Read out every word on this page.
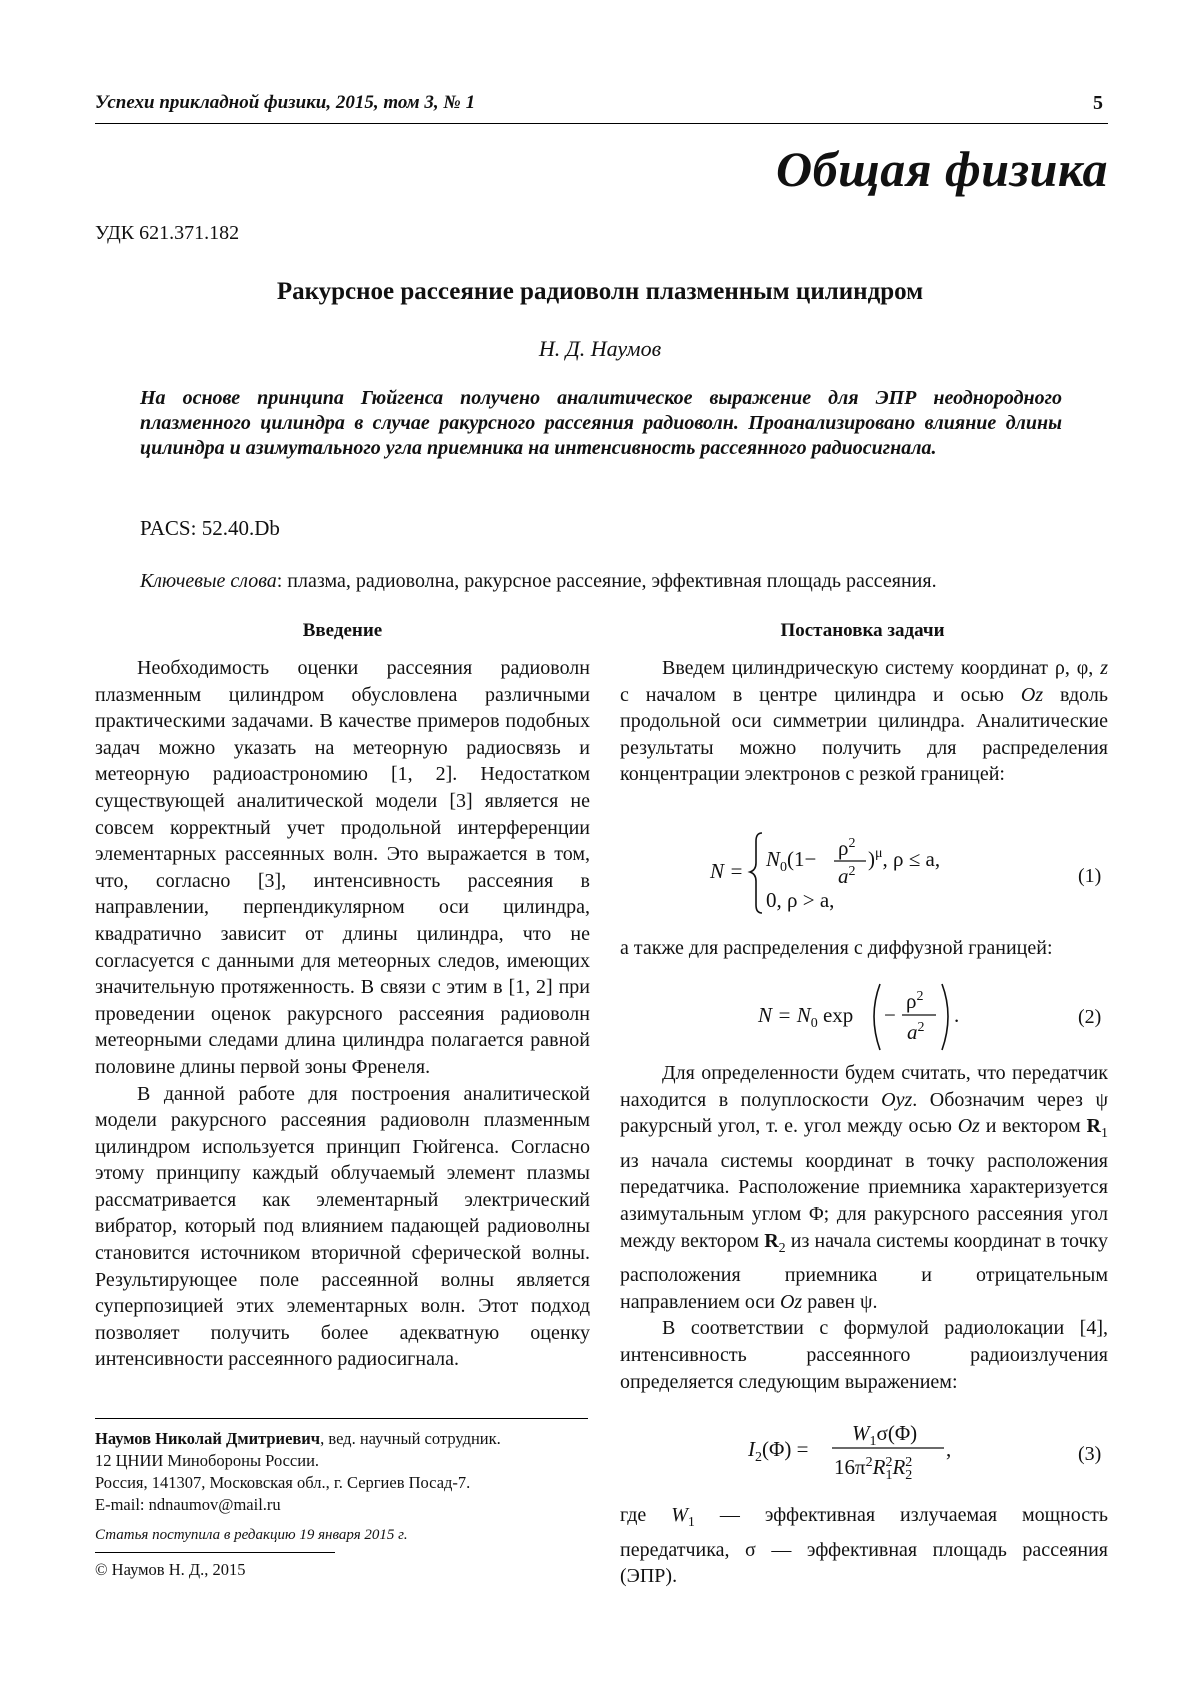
Успехи прикладной физики, 2015, том 3, № 1	5
Общая физика
УДК 621.371.182
Ракурсное рассеяние радиоволн плазменным цилиндром
Н. Д. Наумов
На основе принципа Гюйгенса получено аналитическое выражение для ЭПР неоднородного плазменного цилиндра в случае ракурсного рассеяния радиоволн. Проанализировано влияние длины цилиндра и азимутального угла приемника на интенсивность рассеянного радиосигнала.
PACS: 52.40.Db
Ключевые слова: плазма, радиоволна, ракурсное рассеяние, эффективная площадь рассеяния.
Введение	Постановка задачи

Необходимость оценки рассеяния радиоволн плазменным цилиндром обусловлена различными практическими задачами. В качестве примеров подобных задач можно указать на метеорную радиосвязь и метеорную радиоастрономию [1, 2]. Недостатком существующей аналитической модели [3] является не совсем корректный учет продольной интерференции элементарных рассеянных волн. Это выражается в том, что, согласно [3], интенсивность рассеяния в направлении, перпендикулярном оси цилиндра, квадратично зависит от длины цилиндра, что не согласуется с данными для метеорных следов, имеющих значительную протяженность. В связи с этим в [1, 2] при проведении оценок ракурсного рассеяния радиоволн метеорными следами длина цилиндра полагается равной половине длины первой зоны Френеля.

В данной работе для построения аналитической модели ракурсного рассеяния радиоволн плазменным цилиндром используется принцип Гюйгенса. Согласно этому принципу каждый облучаемый элемент плазмы рассматривается как элементарный электрический вибратор, который под влиянием падающей радиоволны становится источником вторичной сферической волны. Результирующее поле рассеянной волны является суперпозицией этих элементарных волн. Этот подход позволяет получить более адекватную оценку интенсивности рассеянного радиосигнала.

Введем цилиндрическую систему координат ρ, φ, z с началом в центре цилиндра и осью Oz вдоль продольной оси симметрии цилиндра. Аналитические результаты можно получить для распределения концентрации электронов с резкой границей:

$N = N_0(1- \rho^2$
$a^2$
)$^\mu$, ρ ≤ a,
0, ρ > a,
(1)

а также для распределения с диффузной границей:

$N = N_0$ exp −
$\rho^2$
$a^2$
.	(2)

Для определенности будем считать, что передатчик находится в полуплоскости Oyz. Обозначим через ψ ракурсный угол, т. е. угол между осью Oz и вектором $R_1$ из начала системы координат в точку расположения передатчика. Расположение приемника характеризуется азимутальным углом Φ; для ракурсного рассеяния угол между вектором $R_2$ из начала системы координат в точку расположения приемника и отрицательным направлением оси Oz равен ψ.

В соответствии с формулой радиолокации [4], интенсивность рассеянного радиоизлучения определяется следующим выражением:

$I_2(\Phi)$ =
$W_1\sigma(\Phi)$
$16\pi^2R_12R_22$
,	(3)

где $W_1$ — эффективная излучаемая мощность передатчика, σ — эффективная площадь рассеяния (ЭПР).

Наумов Николай Дмитриевич, вед. научный сотрудник.
12 ЦНИИ Минобороны России.
Россия, 141307, Московская обл., г. Сергиев Посад-7.
E-mail: ndnaumov@mail.ru
Статья поступила в редакцию 19 января 2015 г.
© Наумов Н. Д., 2015
